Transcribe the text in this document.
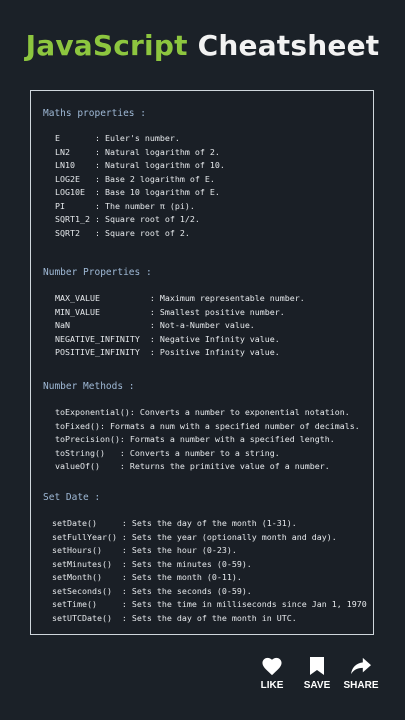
JavaScript Cheatsheet
Maths properties :
E       : Euler's number.
LN2     : Natural logarithm of 2.
LN10    : Natural logarithm of 10.
LOG2E   : Base 2 logarithm of E.
LOG10E  : Base 10 logarithm of E.
PI      : The number π (pi).
SQRT1_2 : Square root of 1/2.
SQRT2   : Square root of 2.
Number Properties :
MAX_VALUE          : Maximum representable number.
MIN_VALUE          : Smallest positive number.
NaN                : Not-a-Number value.
NEGATIVE_INFINITY  : Negative Infinity value.
POSITIVE_INFINITY  : Positive Infinity value.
Number Methods :
toExponential(): Converts a number to exponential notation.
toFixed(): Formats a num with a specified number of decimals.
toPrecision(): Formats a number with a specified length.
toString()   : Converts a number to a string.
valueOf()    : Returns the primitive value of a number.
Set Date :
setDate()     : Sets the day of the month (1-31).
setFullYear() : Sets the year (optionally month and day).
setHours()    : Sets the hour (0-23).
setMinutes()  : Sets the minutes (0-59).
setMonth()    : Sets the month (0-11).
setSeconds()  : Sets the seconds (0-59).
setTime()     : Sets the time in milliseconds since Jan 1, 1970
setUTCDate()  : Sets the day of the month in UTC.
LIKE	SAVE	SHARE
